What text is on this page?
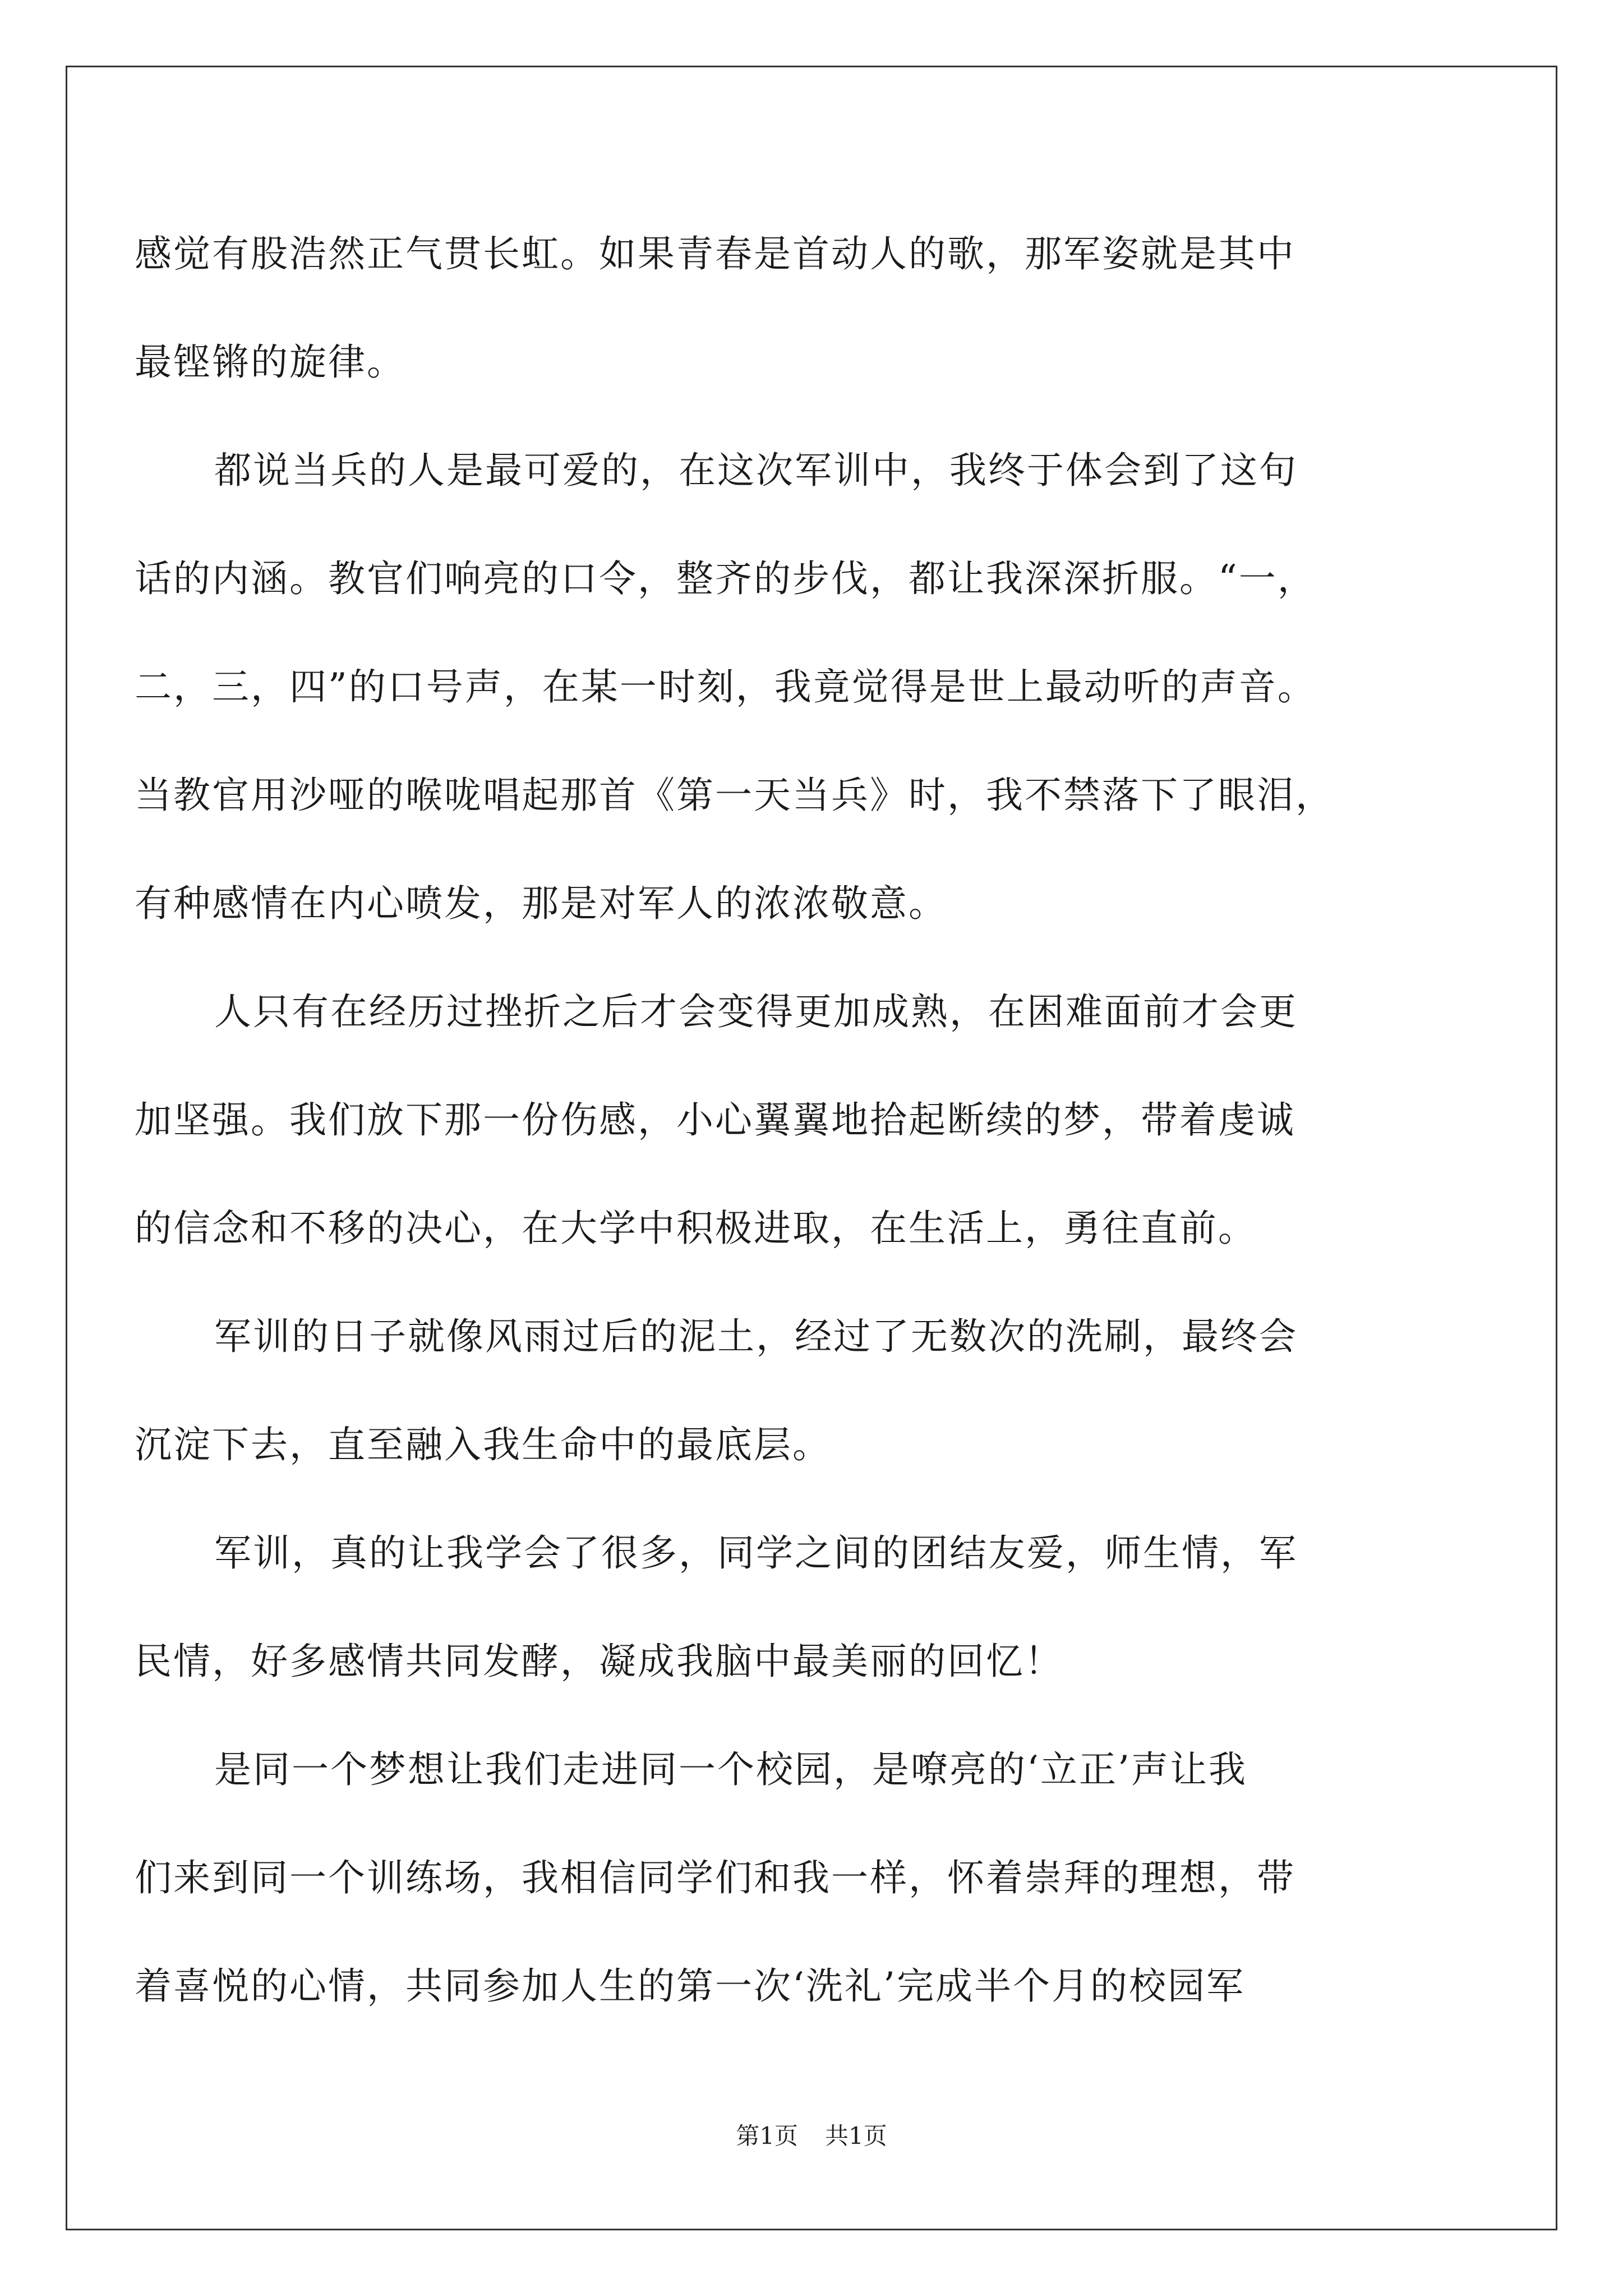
感觉有股浩然正气贯长虹。如果青春是首动人的歌，那军姿就是其中
最铿锵的旋律。
都说当兵的人是最可爱的，在这次军训中，我终于体会到了这句
话的内涵。教官们响亮的口令，整齐的步伐，都让我深深折服。“一，
二，三，四”的口号声，在某一时刻，我竟觉得是世上最动听的声音。
当教官用沙哑的喉咙唱起那首《第一天当兵》时，我不禁落下了眼泪，
有种感情在内心喷发，那是对军人的浓浓敬意。
人只有在经历过挫折之后才会变得更加成熟，在困难面前才会更
加坚强。我们放下那一份伤感，小心翼翼地拾起断续的梦，带着虔诚
的信念和不移的决心，在大学中积极进取，在生活上，勇往直前。
军训的日子就像风雨过后的泥土，经过了无数次的洗刷，最终会
沉淀下去，直至融入我生命中的最底层。
军训，真的让我学会了很多，同学之间的团结友爱，师生情，军
民情，好多感情共同发酵，凝成我脑中最美丽的回忆！
是同一个梦想让我们走进同一个校园，是嘹亮的‘立正’声让我
们来到同一个训练场，我相信同学们和我一样，怀着崇拜的理想，带
着喜悦的心情，共同参加人生的第一次‘洗礼’完成半个月的校园军
第1页 共1页
